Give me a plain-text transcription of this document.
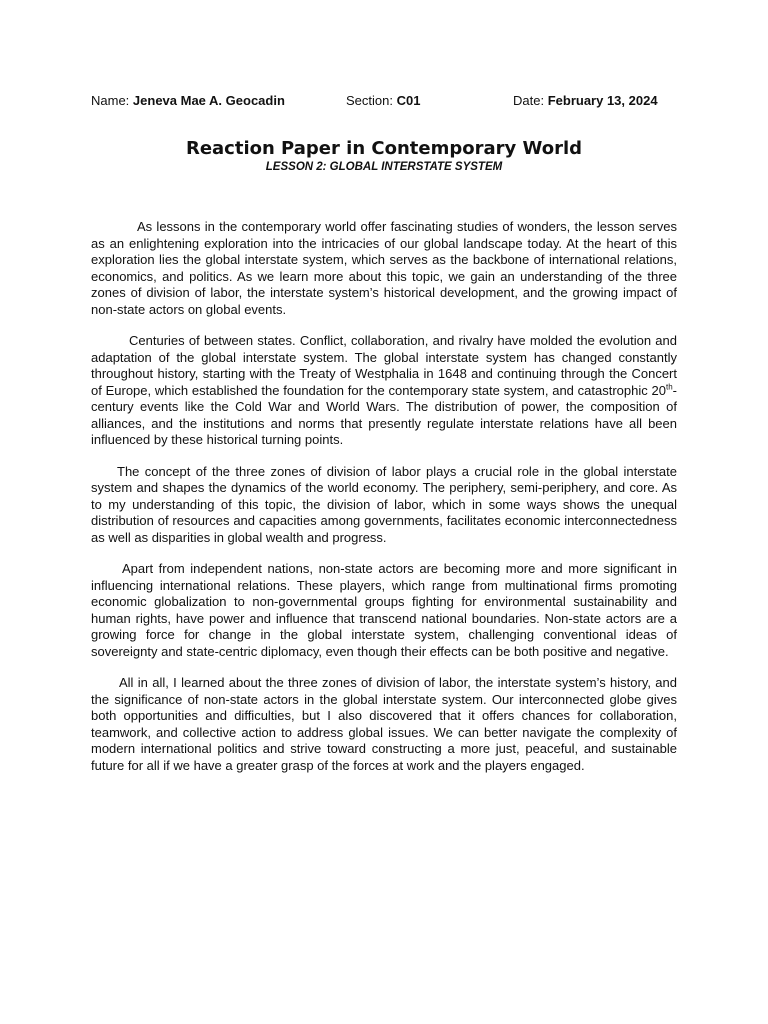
Name: Jeneva Mae A. Geocadin	Section: C01	Date: February 13, 2024
Reaction Paper in Contemporary World
LESSON 2: GLOBAL INTERSTATE SYSTEM

As lessons in the contemporary world offer fascinating studies of wonders, the lesson serves as an enlightening exploration into the intricacies of our global landscape today. At the heart of this exploration lies the global interstate system, which serves as the backbone of international relations, economics, and politics. As we learn more about this topic, we gain an understanding of the three zones of division of labor, the interstate system’s historical development, and the growing impact of non-state actors on global events.

Centuries of between states. Conflict, collaboration, and rivalry have molded the evolution and adaptation of the global interstate system. The global interstate system has changed constantly throughout history, starting with the Treaty of Westphalia in 1648 and continuing through the Concert of Europe, which established the foundation for the contemporary state system, and catastrophic 20th-century events like the Cold War and World Wars. The distribution of power, the composition of alliances, and the institutions and norms that presently regulate interstate relations have all been influenced by these historical turning points.

The concept of the three zones of division of labor plays a crucial role in the global interstate system and shapes the dynamics of the world economy. The periphery, semi-periphery, and core. As to my understanding of this topic, the division of labor, which in some ways shows the unequal distribution of resources and capacities among governments, facilitates economic interconnectedness as well as disparities in global wealth and progress.

Apart from independent nations, non-state actors are becoming more and more significant in influencing international relations. These players, which range from multinational firms promoting economic globalization to non-governmental groups fighting for environmental sustainability and human rights, have power and influence that transcend national boundaries. Non-state actors are a growing force for change in the global interstate system, challenging conventional ideas of sovereignty and state-centric diplomacy, even though their effects can be both positive and negative.

All in all, I learned about the three zones of division of labor, the interstate system’s history, and the significance of non-state actors in the global interstate system. Our interconnected globe gives both opportunities and difficulties, but I also discovered that it offers chances for collaboration, teamwork, and collective action to address global issues. We can better navigate the complexity of modern international politics and strive toward constructing a more just, peaceful, and sustainable future for all if we have a greater grasp of the forces at work and the players engaged.
